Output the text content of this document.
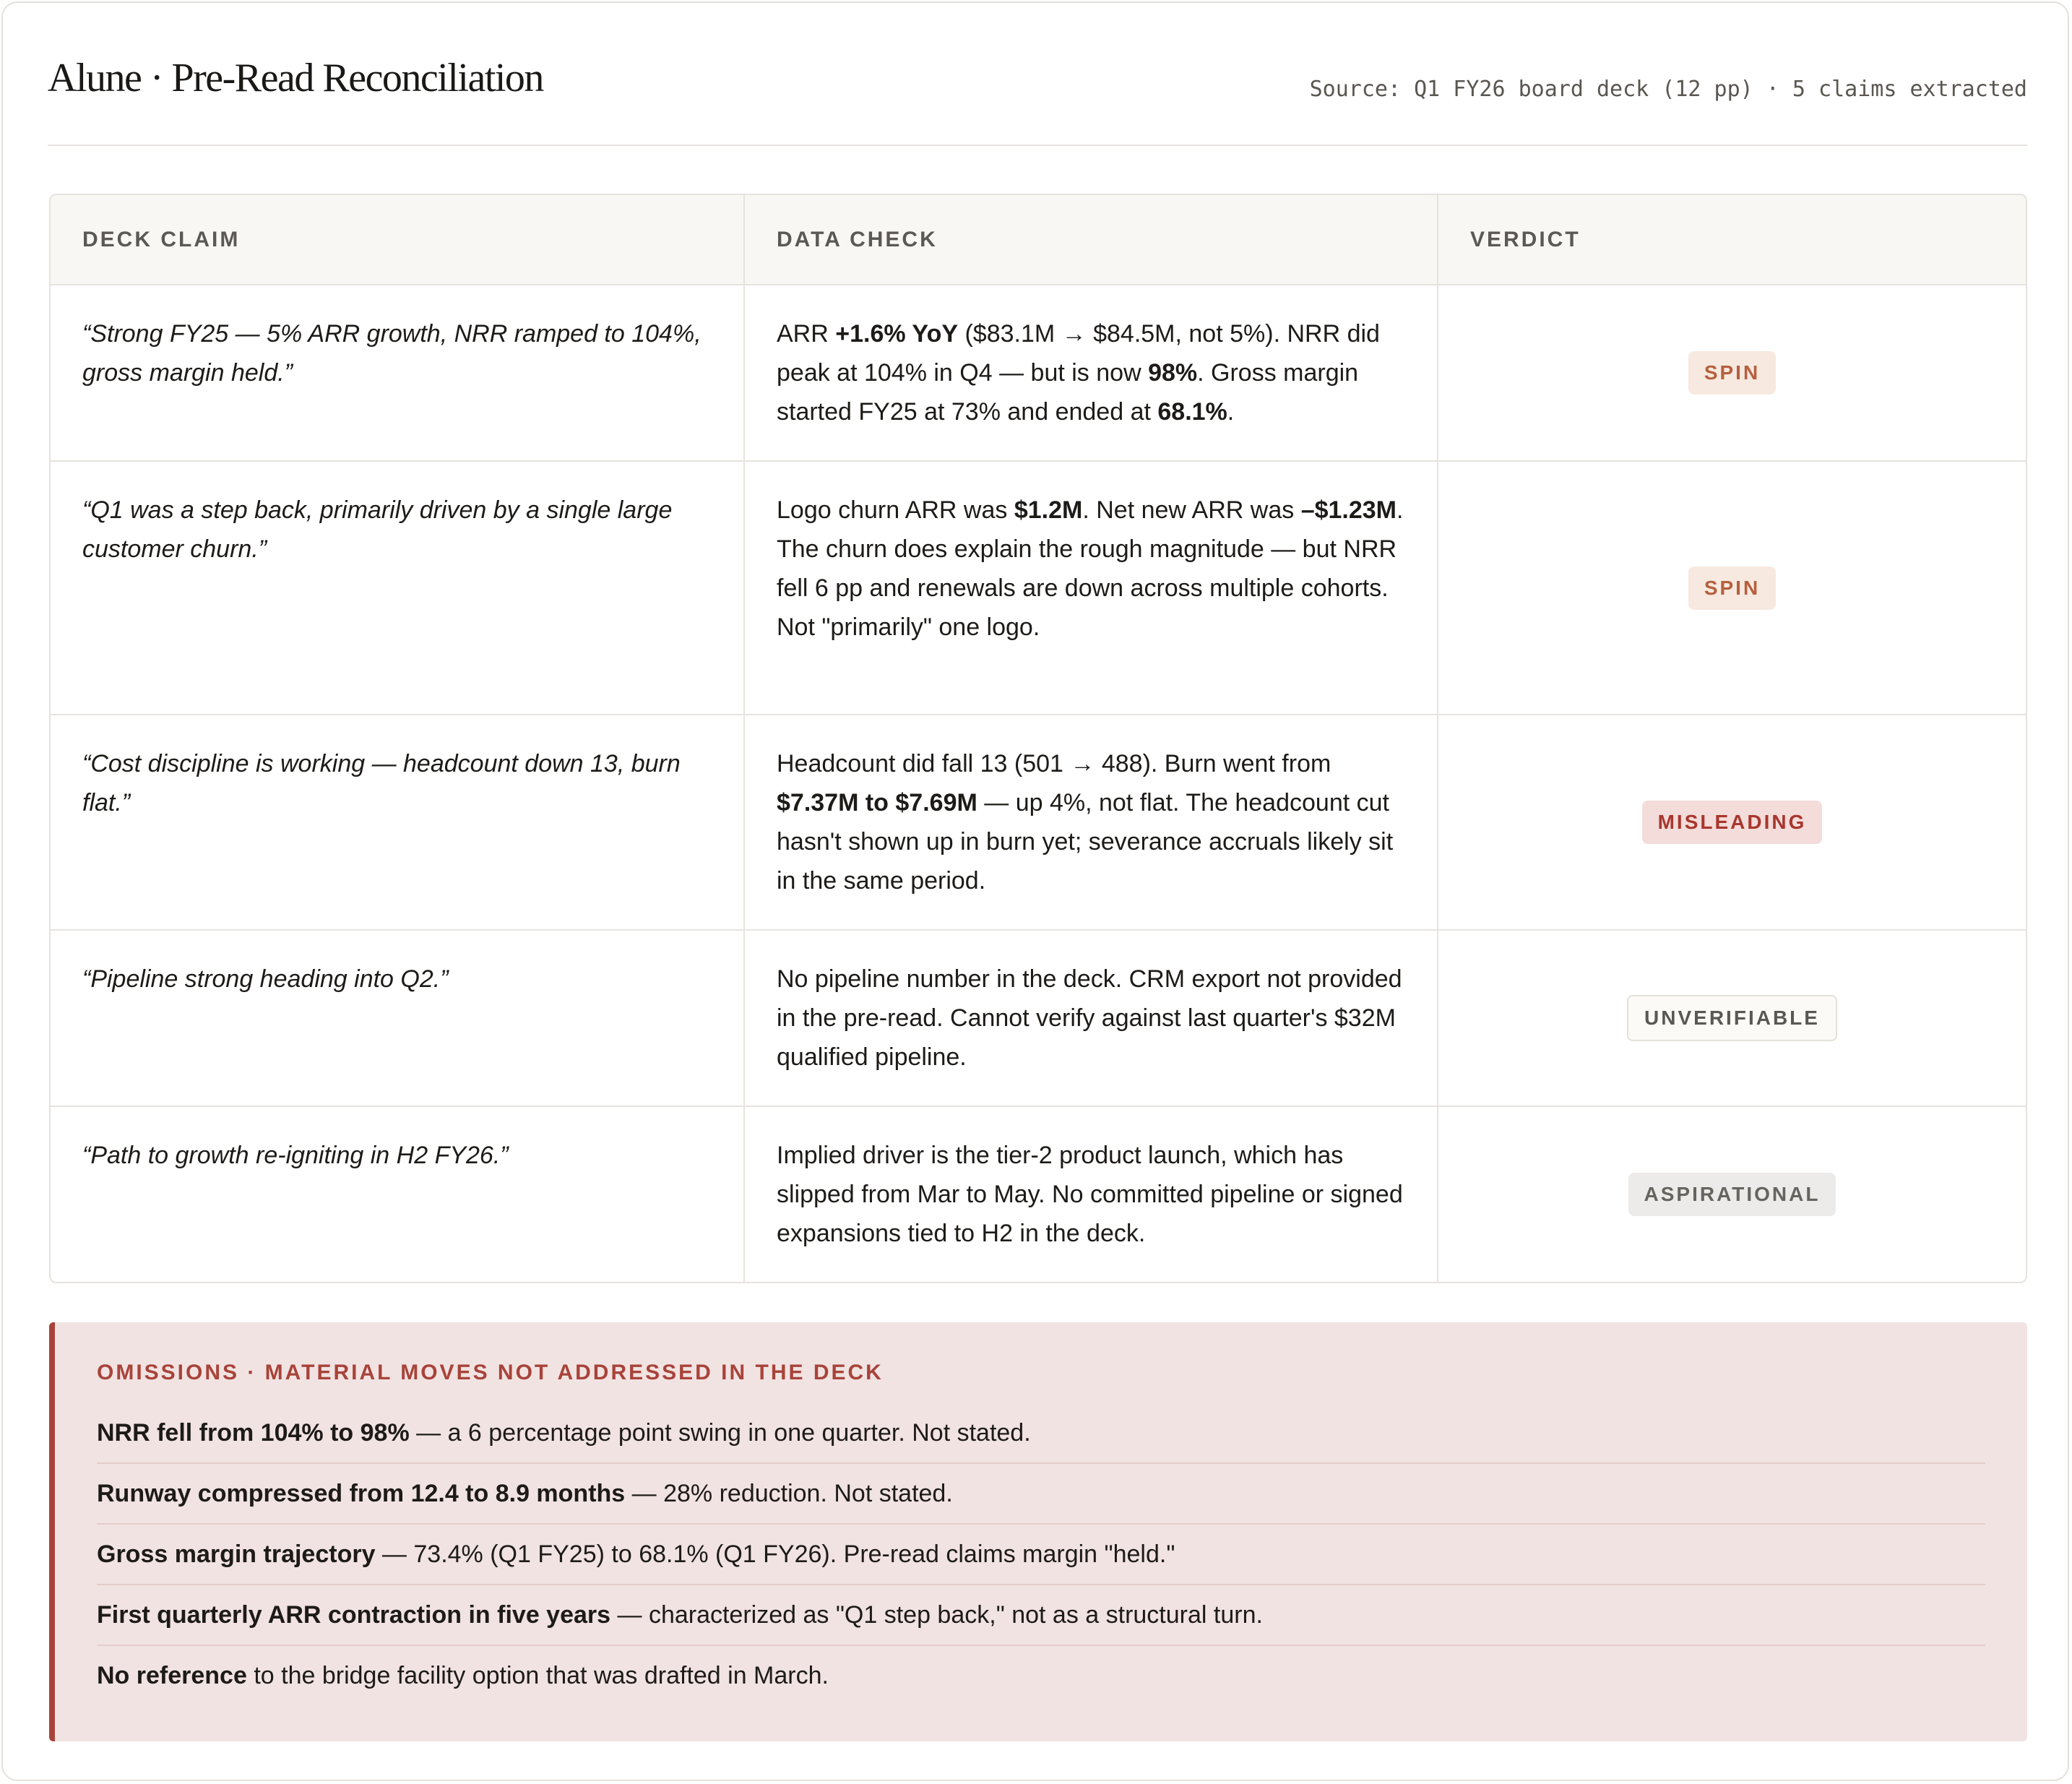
Alune · Pre-Read Reconciliation	Source: Q1 FY26 board deck (12 pp) · 5 claims extracted
DECK CLAIM	DATA CHECK	VERDICT
“Strong FY25 — 5% ARR growth, NRR ramped to 104%, gross margin held.”	ARR +1.6% YoY ($83.1M → $84.5M, not 5%). NRR did peak at 104% in Q4 — but is now 98%. Gross margin started FY25 at 73% and ended at 68.1%.	SPIN
“Q1 was a step back, primarily driven by a single large customer churn.”	Logo churn ARR was $1.2M. Net new ARR was –$1.23M. The churn does explain the rough magnitude — but NRR fell 6 pp and renewals are down across multiple cohorts. Not "primarily" one logo.	SPIN
“Cost discipline is working — headcount down 13, burn flat.”	Headcount did fall 13 (501 → 488). Burn went from $7.37M to $7.69M — up 4%, not flat. The headcount cut hasn't shown up in burn yet; severance accruals likely sit in the same period.	MISLEADING
“Pipeline strong heading into Q2.”	No pipeline number in the deck. CRM export not provided in the pre-read. Cannot verify against last quarter's $32M qualified pipeline.	UNVERIFIABLE
“Path to growth re-igniting in H2 FY26.”	Implied driver is the tier-2 product launch, which has slipped from Mar to May. No committed pipeline or signed expansions tied to H2 in the deck.	ASPIRATIONAL
OMISSIONS · MATERIAL MOVES NOT ADDRESSED IN THE DECK
NRR fell from 104% to 98% — a 6 percentage point swing in one quarter. Not stated.
Runway compressed from 12.4 to 8.9 months — 28% reduction. Not stated.
Gross margin trajectory — 73.4% (Q1 FY25) to 68.1% (Q1 FY26). Pre-read claims margin "held."
First quarterly ARR contraction in five years — characterized as "Q1 step back," not as a structural turn.
No reference to the bridge facility option that was drafted in March.
